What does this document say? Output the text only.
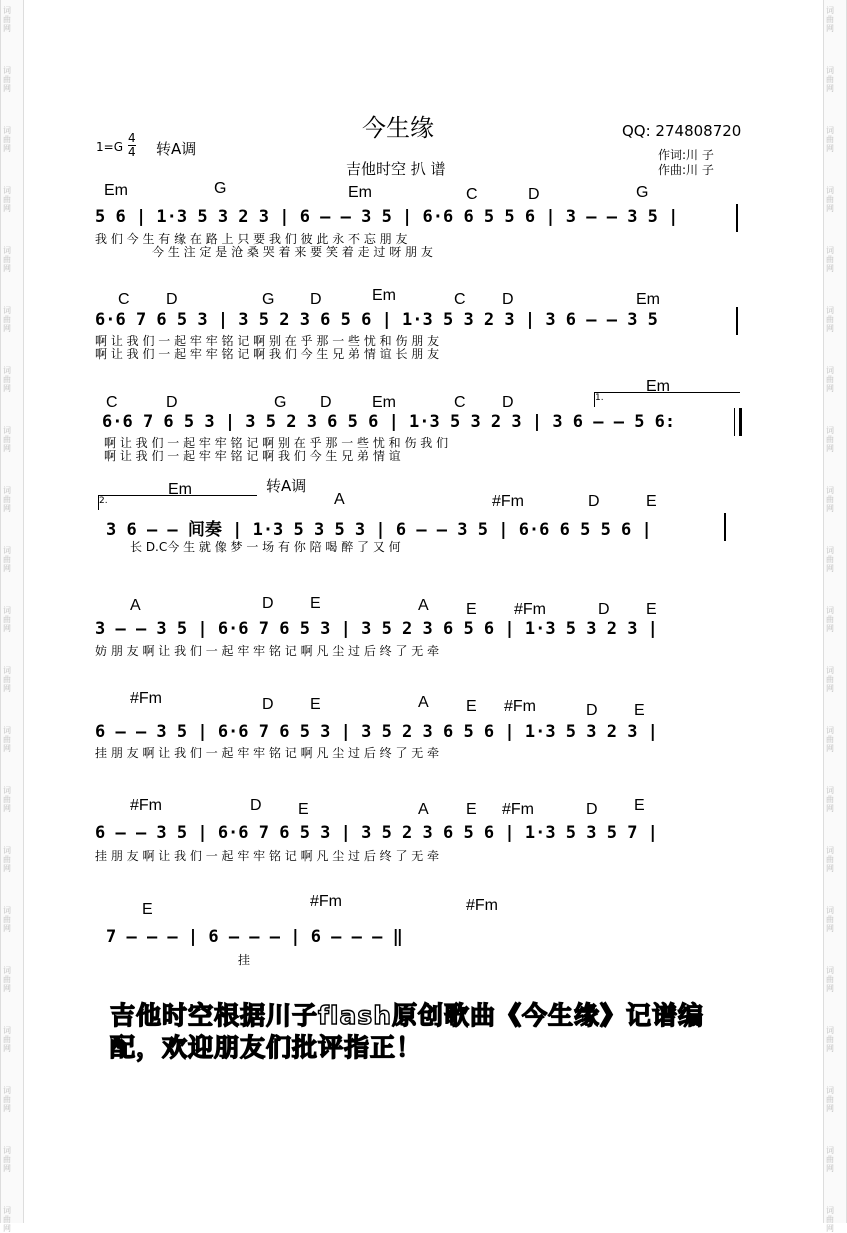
词曲网
词曲网
词曲网
词曲网
词曲网
词曲网
词曲网
词曲网
词曲网
词曲网
词曲网
词曲网
词曲网
词曲网
词曲网
词曲网
词曲网
词曲网
词曲网
词曲网
词曲网
词曲网
词曲网
词曲网
词曲网
词曲网
词曲网
词曲网
词曲网
词曲网
词曲网
词曲网
词曲网
词曲网
词曲网
词曲网
词曲网
词曲网
词曲网
词曲网
词曲网
词曲网
今生缘	QQ: 274808720
1=G
4
4 转A调	作词:川 子
作曲:川 子
吉他时空 扒 谱
Em	G	Em	C	D	G
5 6 | 1·3 5 3 2 3 | 6 — — 3 5 | 6·6 6 5 5 6 | 3 — — 3 5 |
我 们 今 生 有 缘 在 路 上 只 要 我 们 彼 此 永 不 忘 朋 友
今 生 注 定 是 沧 桑 哭 着 来 要 笑 着 走 过 呀 朋 友
C D	G D	Em	C D	Em
6·6 7 6 5 3 | 3 5 2 3 6 5 6 | 1·3 5 3 2 3 | 3 6 — — 3 5
啊 让 我 们 一 起 牢 牢 铭 记 啊 别 在 乎 那 一 些 忧 和 伤 朋 友
啊 让 我 们 一 起 牢 牢 铭 记 啊 我 们 今 生 兄 弟 情 谊 长 朋 友
1.
Em
C	D	G D	Em	C D
6·6 7 6 5 3 | 3 5 2 3 6 5 6 | 1·3 5 3 2 3 | 3 6 — — 5 6:
啊 让 我 们 一 起 牢 牢 铭 记 啊 别 在 乎 那 一 些 忧 和 伤 我 们
啊 让 我 们 一 起 牢 牢 铭 记 啊 我 们 今 生 兄 弟 情 谊
2.
Em	转A调
A	#Fm	D	E
3 6 — — 间奏 | 1·3 5 3 5 3 | 6 — — 3 5 | 6·6 6 5 5 6 |
长 D.C今 生 就 像 梦 一 场 有 你 陪 喝 醉 了 又 何
A	D E	A E #Fm	D E
3 — — 3 5 | 6·6 7 6 5 3 | 3 5 2 3 6 5 6 | 1·3 5 3 2 3 |
妨 朋 友 啊 让 我 们 一 起 牢 牢 铭 记 啊 凡 尘 过 后 终 了 无 牵
#Fm	D E	A E #Fm	D E
6 — — 3 5 | 6·6 7 6 5 3 | 3 5 2 3 6 5 6 | 1·3 5 3 2 3 |
挂 朋 友 啊 让 我 们 一 起 牢 牢 铭 记 啊 凡 尘 过 后 终 了 无 牵
#Fm	D E	A E #Fm	D E
6 — — 3 5 | 6·6 7 6 5 3 | 3 5 2 3 6 5 6 | 1·3 5 3 5 7 |
挂 朋 友 啊 让 我 们 一 起 牢 牢 铭 记 啊 凡 尘 过 后 终 了 无 牵
E	#Fm	#Fm
7 — — — | 6 — — — | 6 — — — ‖
挂
吉他时空根据川子flash原创歌曲《今生缘》记谱编配，欢迎朋友们批评指正！
